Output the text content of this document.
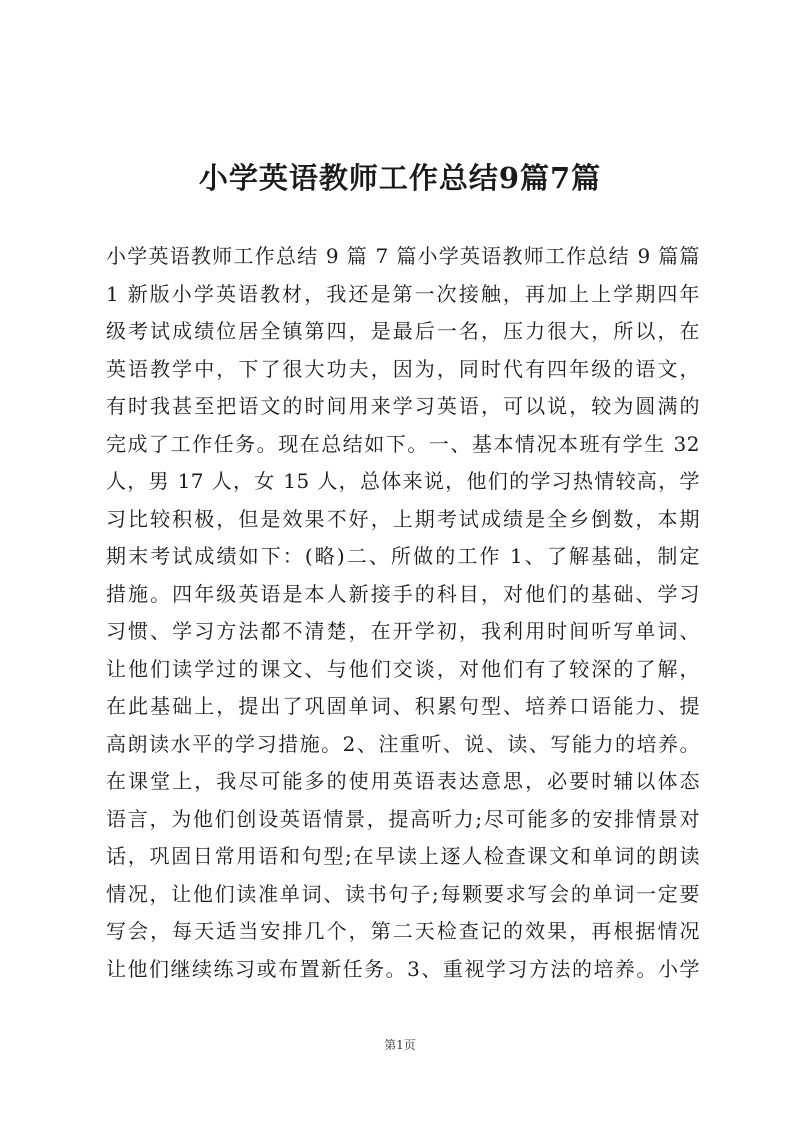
小学英语教师工作总结9篇7篇
小学英语教师工作总结 9 篇 7 篇小学英语教师工作总结 9 篇篇
1 新版小学英语教材，我还是第一次接触，再加上上学期四年
级考试成绩位居全镇第四，是最后一名，压力很大，所以，在
英语教学中，下了很大功夫，因为，同时代有四年级的语文，
有时我甚至把语文的时间用来学习英语，可以说，较为圆满的
完成了工作任务。现在总结如下。一、基本情况本班有学生 32
人，男 17 人，女 15 人，总体来说，他们的学习热情较高，学
习比较积极，但是效果不好，上期考试成绩是全乡倒数，本期
期末考试成绩如下：(略)二、所做的工作 1、了解基础，制定
措施。四年级英语是本人新接手的科目，对他们的基础、学习
习惯、学习方法都不清楚，在开学初，我利用时间听写单词、
让他们读学过的课文、与他们交谈，对他们有了较深的了解，
在此基础上，提出了巩固单词、积累句型、培养口语能力、提
高朗读水平的学习措施。2、注重听、说、读、写能力的培养。
在课堂上，我尽可能多的使用英语表达意思，必要时辅以体态
语言，为他们创设英语情景，提高听力;尽可能多的安排情景对
话，巩固日常用语和句型;在早读上逐人检查课文和单词的朗读
情况，让他们读准单词、读书句子;每颗要求写会的单词一定要
写会，每天适当安排几个，第二天检查记的效果，再根据情况
让他们继续练习或布置新任务。3、重视学习方法的培养。小学
第1页
